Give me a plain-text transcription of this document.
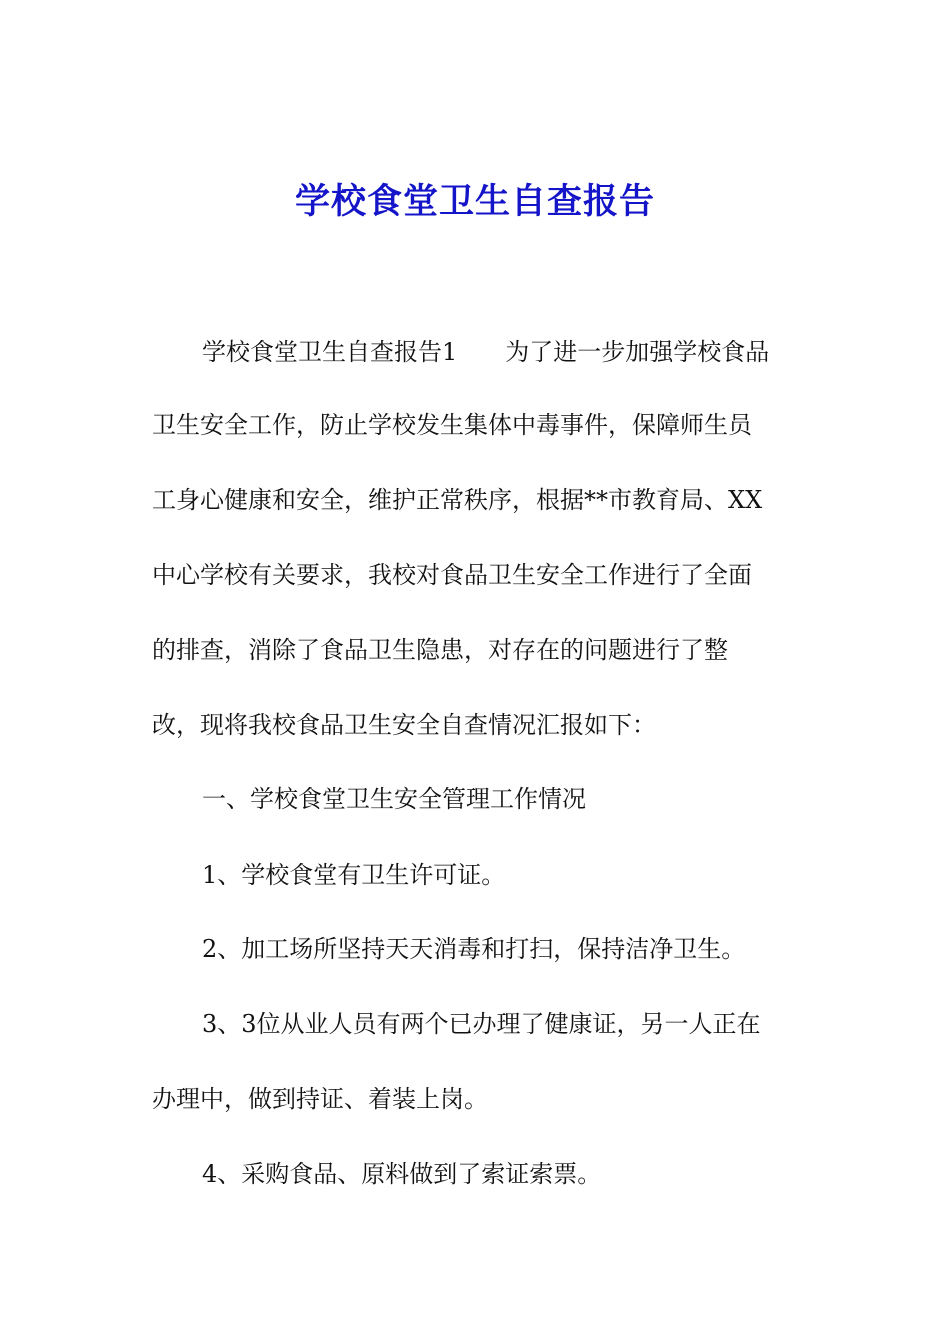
学校食堂卫生自查报告
学校食堂卫生自查报告1　　为了进一步加强学校食品
卫生安全工作，防止学校发生集体中毒事件，保障师生员
工身心健康和安全，维护正常秩序，根据**市教育局、XX
中心学校有关要求，我校对食品卫生安全工作进行了全面
的排查，消除了食品卫生隐患，对存在的问题进行了整
改，现将我校食品卫生安全自查情况汇报如下：
一、学校食堂卫生安全管理工作情况
1、学校食堂有卫生许可证。
2、加工场所坚持天天消毒和打扫，保持洁净卫生。
3、3位从业人员有两个已办理了健康证，另一人正在
办理中，做到持证、着装上岗。
4、采购食品、原料做到了索证索票。
